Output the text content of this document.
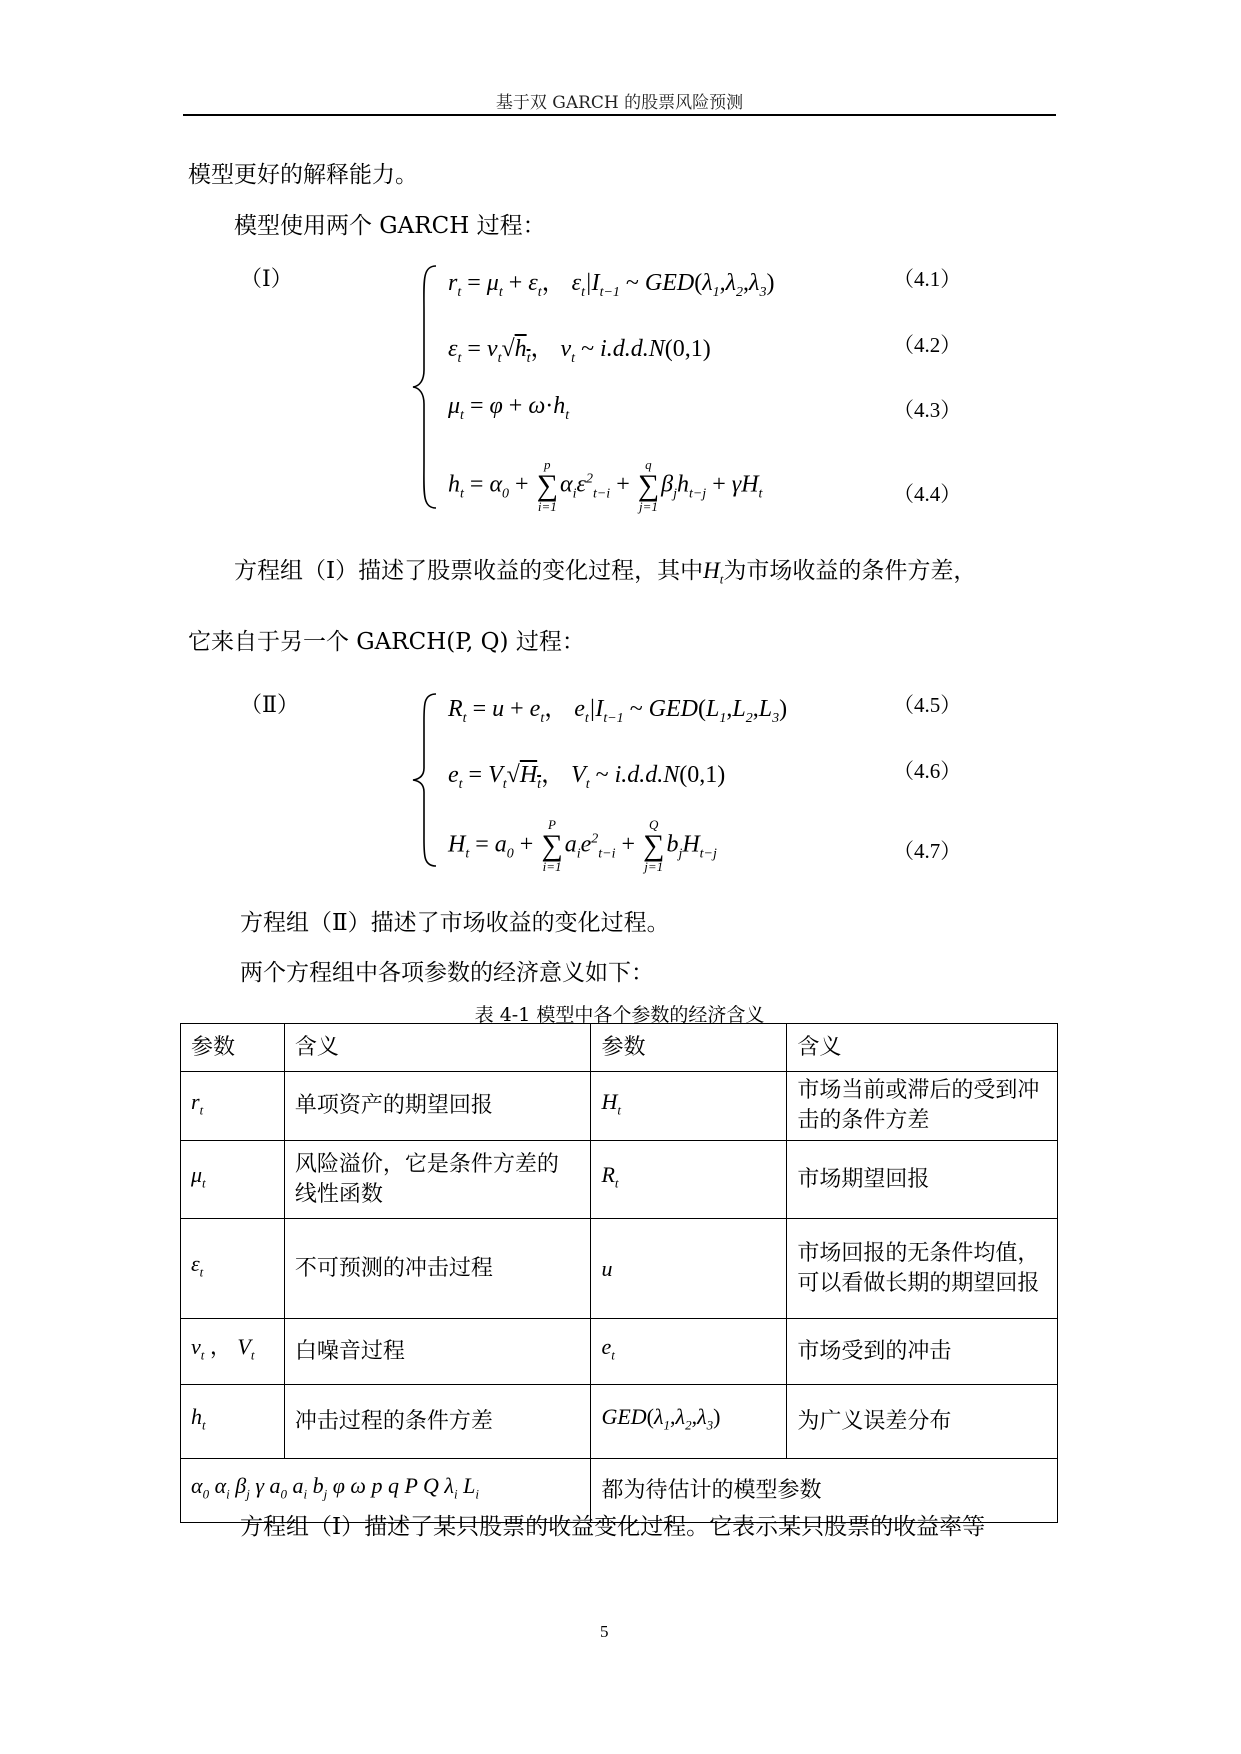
基于双 GARCH 的股票风险预测
模型更好的解释能力。
模型使用两个 GARCH 过程：
（Ⅰ）	$r_t = \mu_t + \varepsilon_t$， $\varepsilon_t|I_{t-1}$ ~ $GED(\lambda_1,\lambda_2,\lambda_3)$	（4.1）
$\varepsilon_t = v_t√h_t$， $v_t$ ~ i.d.d.N(0,1)	（4.2）
$\mu_t = \varphi + \omega\cdot h_t$	（4.3）
$h_t = \alpha_0$ +
p
∑
i=1
$\alpha_i\varepsilon^2_{t-i}$ +
q
∑
j=1
$\beta_jh_{t-j} + \gamma H_t$	（4.4）
方程组（Ⅰ）描述了股票收益的变化过程，其中$H_t$为市场收益的条件方差，
它来自于另一个 GARCH(P, Q) 过程：
（Ⅱ）	$R_t = u + e_t$， $e_t|I_{t-1}$ ~ $GED(L_1,L_2,L_3)$	（4.5）
$e_t = V_t√H_t$， $V_t$ ~ i.d.d.N(0,1)	（4.6）
$H_t = a_0$ +
P
∑
i=1
$a_ie^2_{t-i}$ +
Q
∑
j=1
$b_jH_{t-j}$	（4.7）
方程组（Ⅱ）描述了市场收益的变化过程。
两个方程组中各项参数的经济意义如下：
表 4-1 模型中各个参数的经济含义
参数	含义	参数	含义
$r_t$	单项资产的期望回报	$H_t$	市场当前或滞后的受到冲击的条件方差
$\mu_t$	风险溢价，它是条件方差的线性函数	$R_t$	市场期望回报
$\varepsilon_t$	不可预测的冲击过程	u	市场回报的无条件均值，可以看做长期的期望回报
$v_t$ ， $V_t$	白噪音过程	$e_t$	市场受到的冲击
$h_t$	冲击过程的条件方差	$GED(\lambda_1,\lambda_2,\lambda_3)$	为广义误差分布
$\alpha_0$ $\alpha_i$ $\beta_j$ γ $a_0$ $a_i$ $b_j$ φ ω p q P Q $\lambda_i$ $L_i$		都为待估计的模型参数	
方程组（Ⅰ）描述了某只股票的收益变化过程。它表示某只股票的收益率等
5
